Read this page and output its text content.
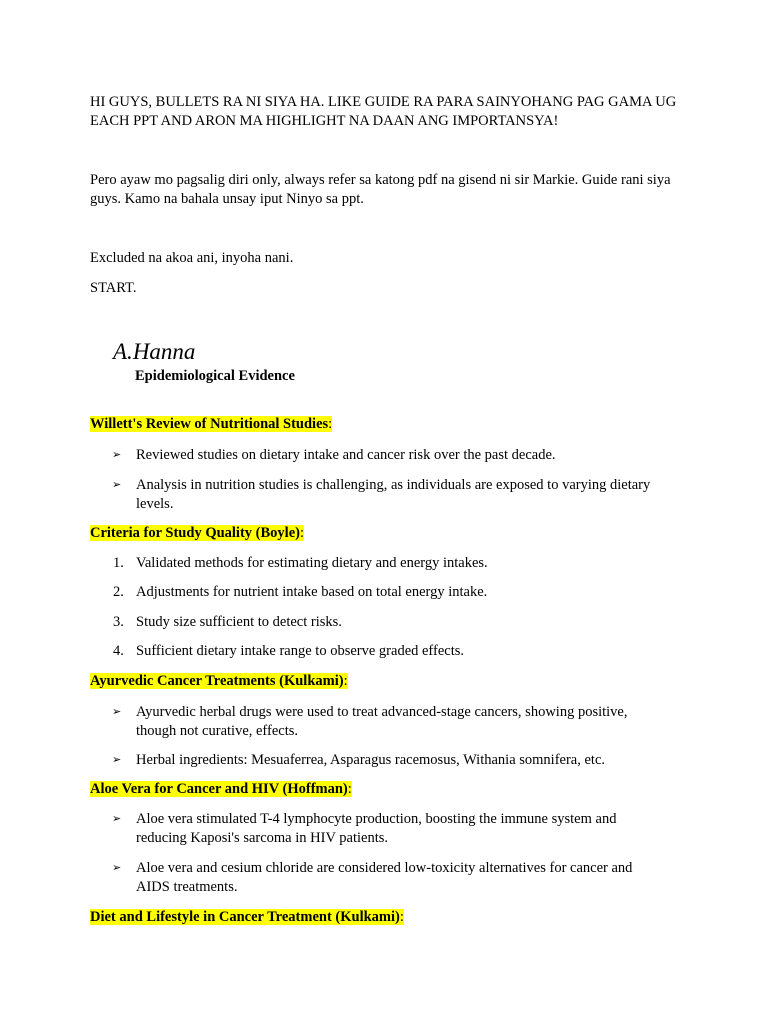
HI GUYS, BULLETS RA NI SIYA HA. LIKE GUIDE RA PARA SAINYOHANG PAG GAMA UG EACH PPT AND ARON MA HIGHLIGHT NA DAAN ANG IMPORTANSYA!
Pero ayaw mo pagsalig diri only, always refer sa katong pdf na gisend ni sir Markie. Guide rani siya guys. Kamo na bahala unsay iput Ninyo sa ppt.
Excluded na akoa ani, inyoha nani.
START.
A.Hanna
Epidemiological Evidence
Willett's Review of Nutritional Studies:
➢	Reviewed studies on dietary intake and cancer risk over the past decade.
➢	Analysis in nutrition studies is challenging, as individuals are exposed to varying dietary levels.
Criteria for Study Quality (Boyle):
1. Validated methods for estimating dietary and energy intakes.
2. Adjustments for nutrient intake based on total energy intake.
3. Study size sufficient to detect risks.
4. Sufficient dietary intake range to observe graded effects.
Ayurvedic Cancer Treatments (Kulkami):
➢	Ayurvedic herbal drugs were used to treat advanced-stage cancers, showing positive, though not curative, effects.
➢	Herbal ingredients: Mesuaferrea, Asparagus racemosus, Withania somnifera, etc.
Aloe Vera for Cancer and HIV (Hoffman):
➢	Aloe vera stimulated T-4 lymphocyte production, boosting the immune system and reducing Kaposi's sarcoma in HIV patients.
➢	Aloe vera and cesium chloride are considered low-toxicity alternatives for cancer and AIDS treatments.
Diet and Lifestyle in Cancer Treatment (Kulkami):
